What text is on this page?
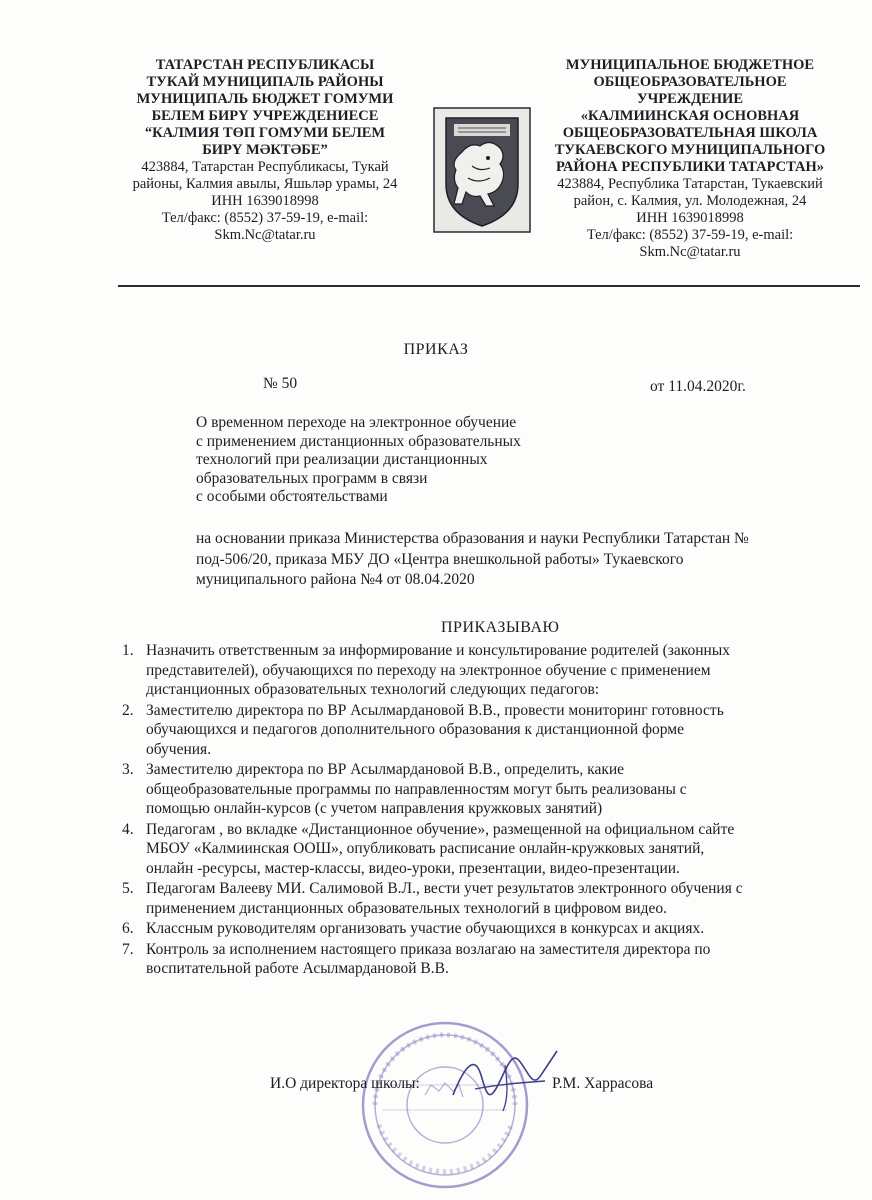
ТАТАРСТАН РЕСПУБЛИКАСЫ
ТУКАЙ МУНИЦИПАЛЬ РАЙОНЫ
МУНИЦИПАЛЬ БЮДЖЕТ ГОМУМИ
БЕЛЕМ БИРҮ УЧРЕЖДЕНИЕСЕ
“КАЛМИЯ ТӨП ГОМУМИ БЕЛЕМ
БИРҮ МӘКТӘБЕ”
423884, Татарстан Республикасы, Тукай
районы, Калмия авылы, Яшьләр урамы, 24
ИНН 1639018998
Тел/факс: (8552) 37-59-19, e-mail:
Skm.Nc@tatar.ru
МУНИЦИПАЛЬНОЕ БЮДЖЕТНОЕ
ОБЩЕОБРАЗОВАТЕЛЬНОЕ
УЧРЕЖДЕНИЕ
«КАЛМИИНСКАЯ ОСНОВНАЯ
ОБЩЕОБРАЗОВАТЕЛЬНАЯ ШКОЛА
ТУКАЕВСКОГО МУНИЦИПАЛЬНОГО
РАЙОНА РЕСПУБЛИКИ ТАТАРСТАН»
423884, Республика Татарстан, Тукаевский
район, с. Калмия, ул. Молодежная, 24
ИНН 1639018998
Тел/факс: (8552) 37-59-19, e-mail:
Skm.Nc@tatar.ru
ПРИКАЗ
№ 50	от 11.04.2020г.
О временном переходе на электронное обучение
с применением дистанционных образовательных
технологий при реализации дистанционных
образовательных программ в связи
с особыми обстоятельствами
на основании приказа Министерства образования и науки Республики Татарстан №
под-506/20, приказа МБУ ДО «Центра внешкольной работы» Тукаевского
муниципального района №4 от 08.04.2020
ПРИКАЗЫВАЮ
1. Назначить ответственным за информирование и консультирование родителей (законных
представителей), обучающихся по переходу на электронное обучение с применением
дистанционных образовательных технологий следующих педагогов:
2. Заместителю директора по ВР Асылмардановой В.В., провести мониторинг готовность
обучающихся и педагогов дополнительного образования к дистанционной форме
обучения.
3. Заместителю директора по ВР Асылмардановой В.В., определить, какие
общеобразовательные программы по направленностям могут быть реализованы с
помощью онлайн-курсов (с учетом направления кружковых занятий)
4. Педагогам , во вкладке «Дистанционное обучение», размещенной на официальном сайте
МБОУ «Калмиинская ООШ», опубликовать расписание онлайн-кружковых занятий,
онлайн -ресурсы, мастер-классы, видео-уроки, презентации, видео-презентации.
5. Педагогам Валееву МИ. Салимовой В.Л., вести учет результатов электронного обучения с
применением дистанционных образовательных технологий в цифровом видео.
6. Классным руководителям организовать участие обучающихся в конкурсах и акциях.
7. Контроль за исполнением настоящего приказа возлагаю на заместителя директора по
воспитательной работе Асылмардановой В.В.
И.О директора школы:	Р.М. Харрасова
